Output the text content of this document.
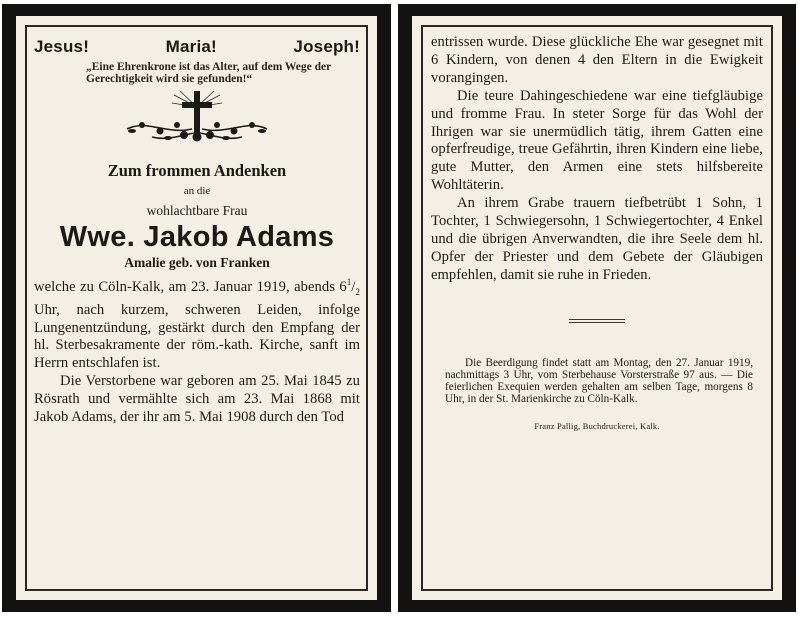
Jesus!	Maria!	Joseph!
„Eine Ehrenkrone ist das Alter, auf dem Wege der Gerechtigkeit wird sie gefunden!“
Zum frommen Andenken
an die
wohlachtbare Frau
Wwe. Jakob Adams
Amalie geb. von Franken

welche zu Cöln-Kalk, am 23. Januar 1919, abends $6^1/_2$ Uhr, nach kurzem, schweren Leiden, infolge Lungenentzündung, gestärkt durch den Empfang der hl. Sterbesakramente der röm.-kath. Kirche, sanft im Herrn entschlafen ist.

Die Verstorbene war geboren am 25. Mai 1845 zu Rösrath und vermählte sich am 23. Mai 1868 mit Jakob Adams, der ihr am 5. Mai 1908 durch den Tod

entrissen wurde. Diese glückliche Ehe war gesegnet mit 6 Kindern, von denen 4 den Eltern in die Ewigkeit vorangingen.

Die teure Dahingeschiedene war eine tiefgläubige und fromme Frau. In steter Sorge für das Wohl der Ihrigen war sie unermüdlich tätig, ihrem Gatten eine opferfreudige, treue Gefährtin, ihren Kindern eine liebe, gute Mutter, den Armen eine stets hilfsbereite Wohltäterin.

An ihrem Grabe trauern tiefbetrübt 1 Sohn, 1 Tochter, 1 Schwiegersohn, 1 Schwiegertochter, 4 Enkel und die übrigen Anverwandten, die ihre Seele dem hl. Opfer der Priester und dem Gebete der Gläubigen empfehlen, damit sie ruhe in Frieden.

Die Beerdigung findet statt am Montag, den 27. Januar 1919, nachmittags 3 Uhr, vom Sterbehause Vorsterstraße 97 aus. — Die feierlichen Exequien werden gehalten am selben Tage, morgens 8 Uhr, in der St. Marienkirche zu Cöln-Kalk.

Franz Pallig, Buchdruckerei, Kalk.
